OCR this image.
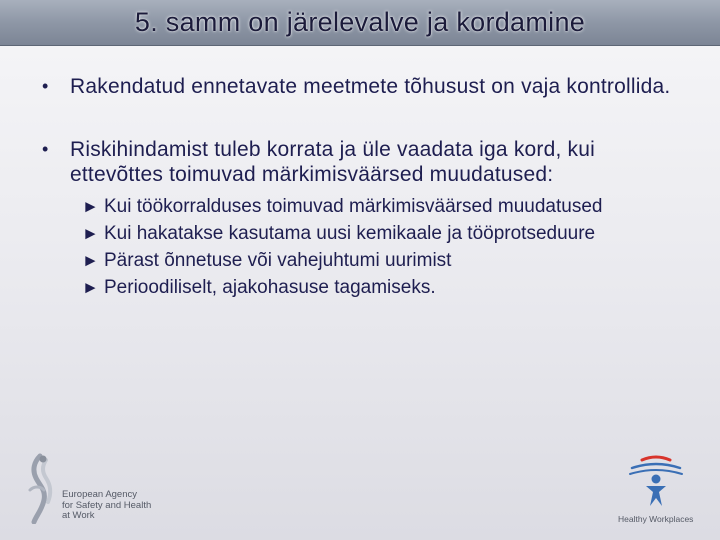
5. samm on järelevalve ja kordamine
• Rakendatud ennetavate meetmete tõhusust on vaja kontrollida.
• Riskihindamist tuleb korrata ja üle vaadata iga kord, kui ettevõttes toimuvad märkimisväärsed muudatused:
► Kui töökorralduses toimuvad märkimisväärsed muudatused
► Kui hakatakse kasutama uusi kemikaale ja tööprotseduure
► Pärast õnnetuse või vahejuhtumi uurimist
► Perioodiliselt, ajakohasuse tagamiseks.
European Agency
for Safety and Health
at Work	Healthy Workplaces
